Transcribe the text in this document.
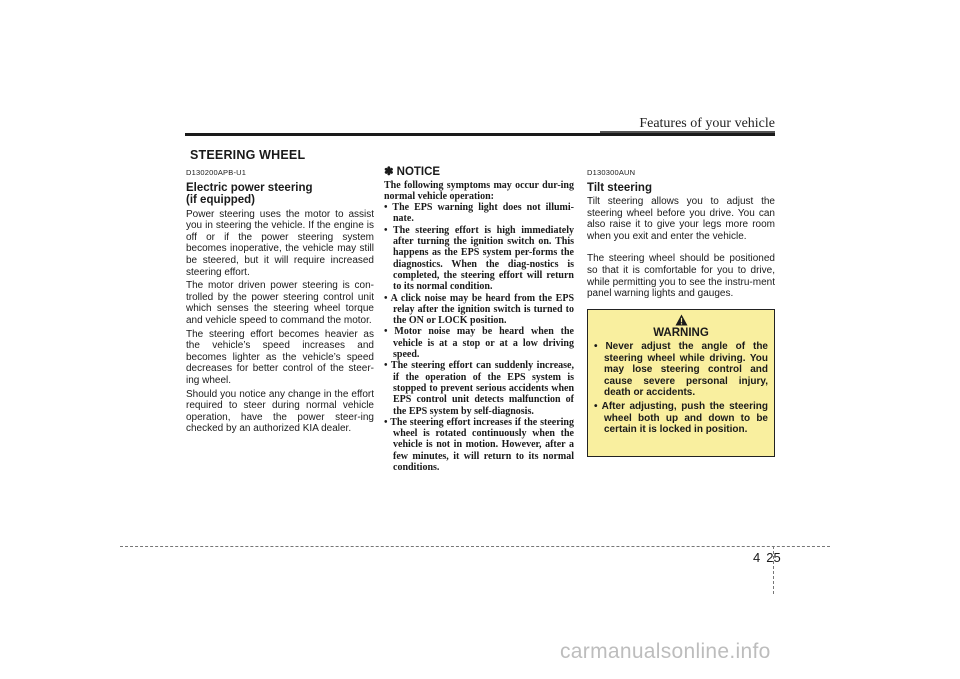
Features of your vehicle
STEERING WHEEL
D130200APB-U1
Electric power steering
(if equipped)

Power steering uses the motor to assist you in steering the vehicle. If the engine is off or if the power steering system becomes inoperative, the vehicle may still be steered, but it will require increased steering effort.

The motor driven power steering is con-trolled by the power steering control unit which senses the steering wheel torque and vehicle speed to command the motor.

The steering effort becomes heavier as the vehicle’s speed increases and becomes lighter as the vehicle’s speed decreases for better control of the steer-ing wheel.

Should you notice any change in the effort required to steer during normal vehicle operation, have the power steer-ing checked by an authorized KIA dealer.

✽ NOTICE
The following symptoms may occur dur-ing normal vehicle operation:
• The EPS warning light does not illumi-nate.
• The steering effort is high immediately after turning the ignition switch on. This happens as the EPS system per-forms the diagnostics. When the diag-nostics is completed, the steering effort will return to its normal condition.
• A click noise may be heard from the EPS relay after the ignition switch is turned to the ON or LOCK position.
• Motor noise may be heard when the vehicle is at a stop or at a low driving speed.
• The steering effort can suddenly increase, if the operation of the EPS system is stopped to prevent serious accidents when EPS control unit detects malfunction of the EPS system by self-diagnosis.
• The steering effort increases if the steering wheel is rotated continuously when the vehicle is not in motion. However, after a few minutes, it will return to its normal conditions.
D130300AUN
Tilt steering

Tilt steering allows you to adjust the steering wheel before you drive. You can also raise it to give your legs more room when you exit and enter the vehicle.

The steering wheel should be positioned so that it is comfortable for you to drive, while permitting you to see the instru-ment panel warning lights and gauges.

WARNING
• Never adjust the angle of the steering wheel while driving. You may lose steering control and cause severe personal injury, death or accidents.
• After adjusting, push the steering wheel both up and down to be certain it is locked in position.
4 25
carmanualsonline.info
